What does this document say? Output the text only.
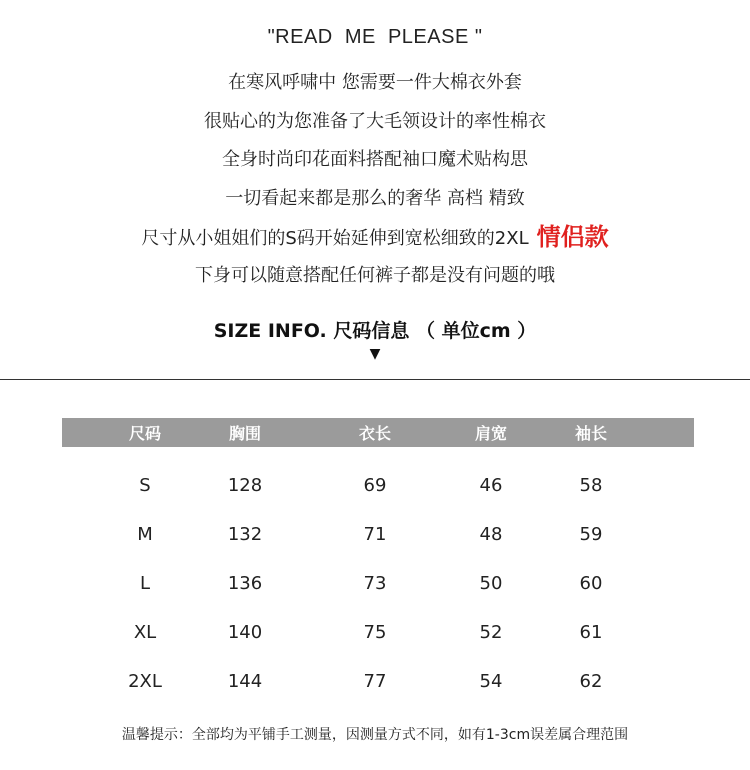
"READ  ME  PLEASE "
在寒风呼啸中 您需要一件大棉衣外套
很贴心的为您准备了大毛领设计的率性棉衣
全身时尚印花面料搭配袖口魔术贴构思
一切看起来都是那么的奢华 高档 精致
尺寸从小姐姐们的S码开始延伸到宽松细致的2XL 情侣款
下身可以随意搭配任何裤子都是没有问题的哦
SIZE INFO. 尺码信息 （ 单位cm ）
▼
尺码	胸围	衣长	肩宽	袖长
S	128	69	46	58
M	132	71	48	59
L	136	73	50	60
XL	140	75	52	61
2XL	144	77	54	62
温馨提示：全部均为平铺手工测量，因测量方式不同，如有1-3cm误差属合理范围
